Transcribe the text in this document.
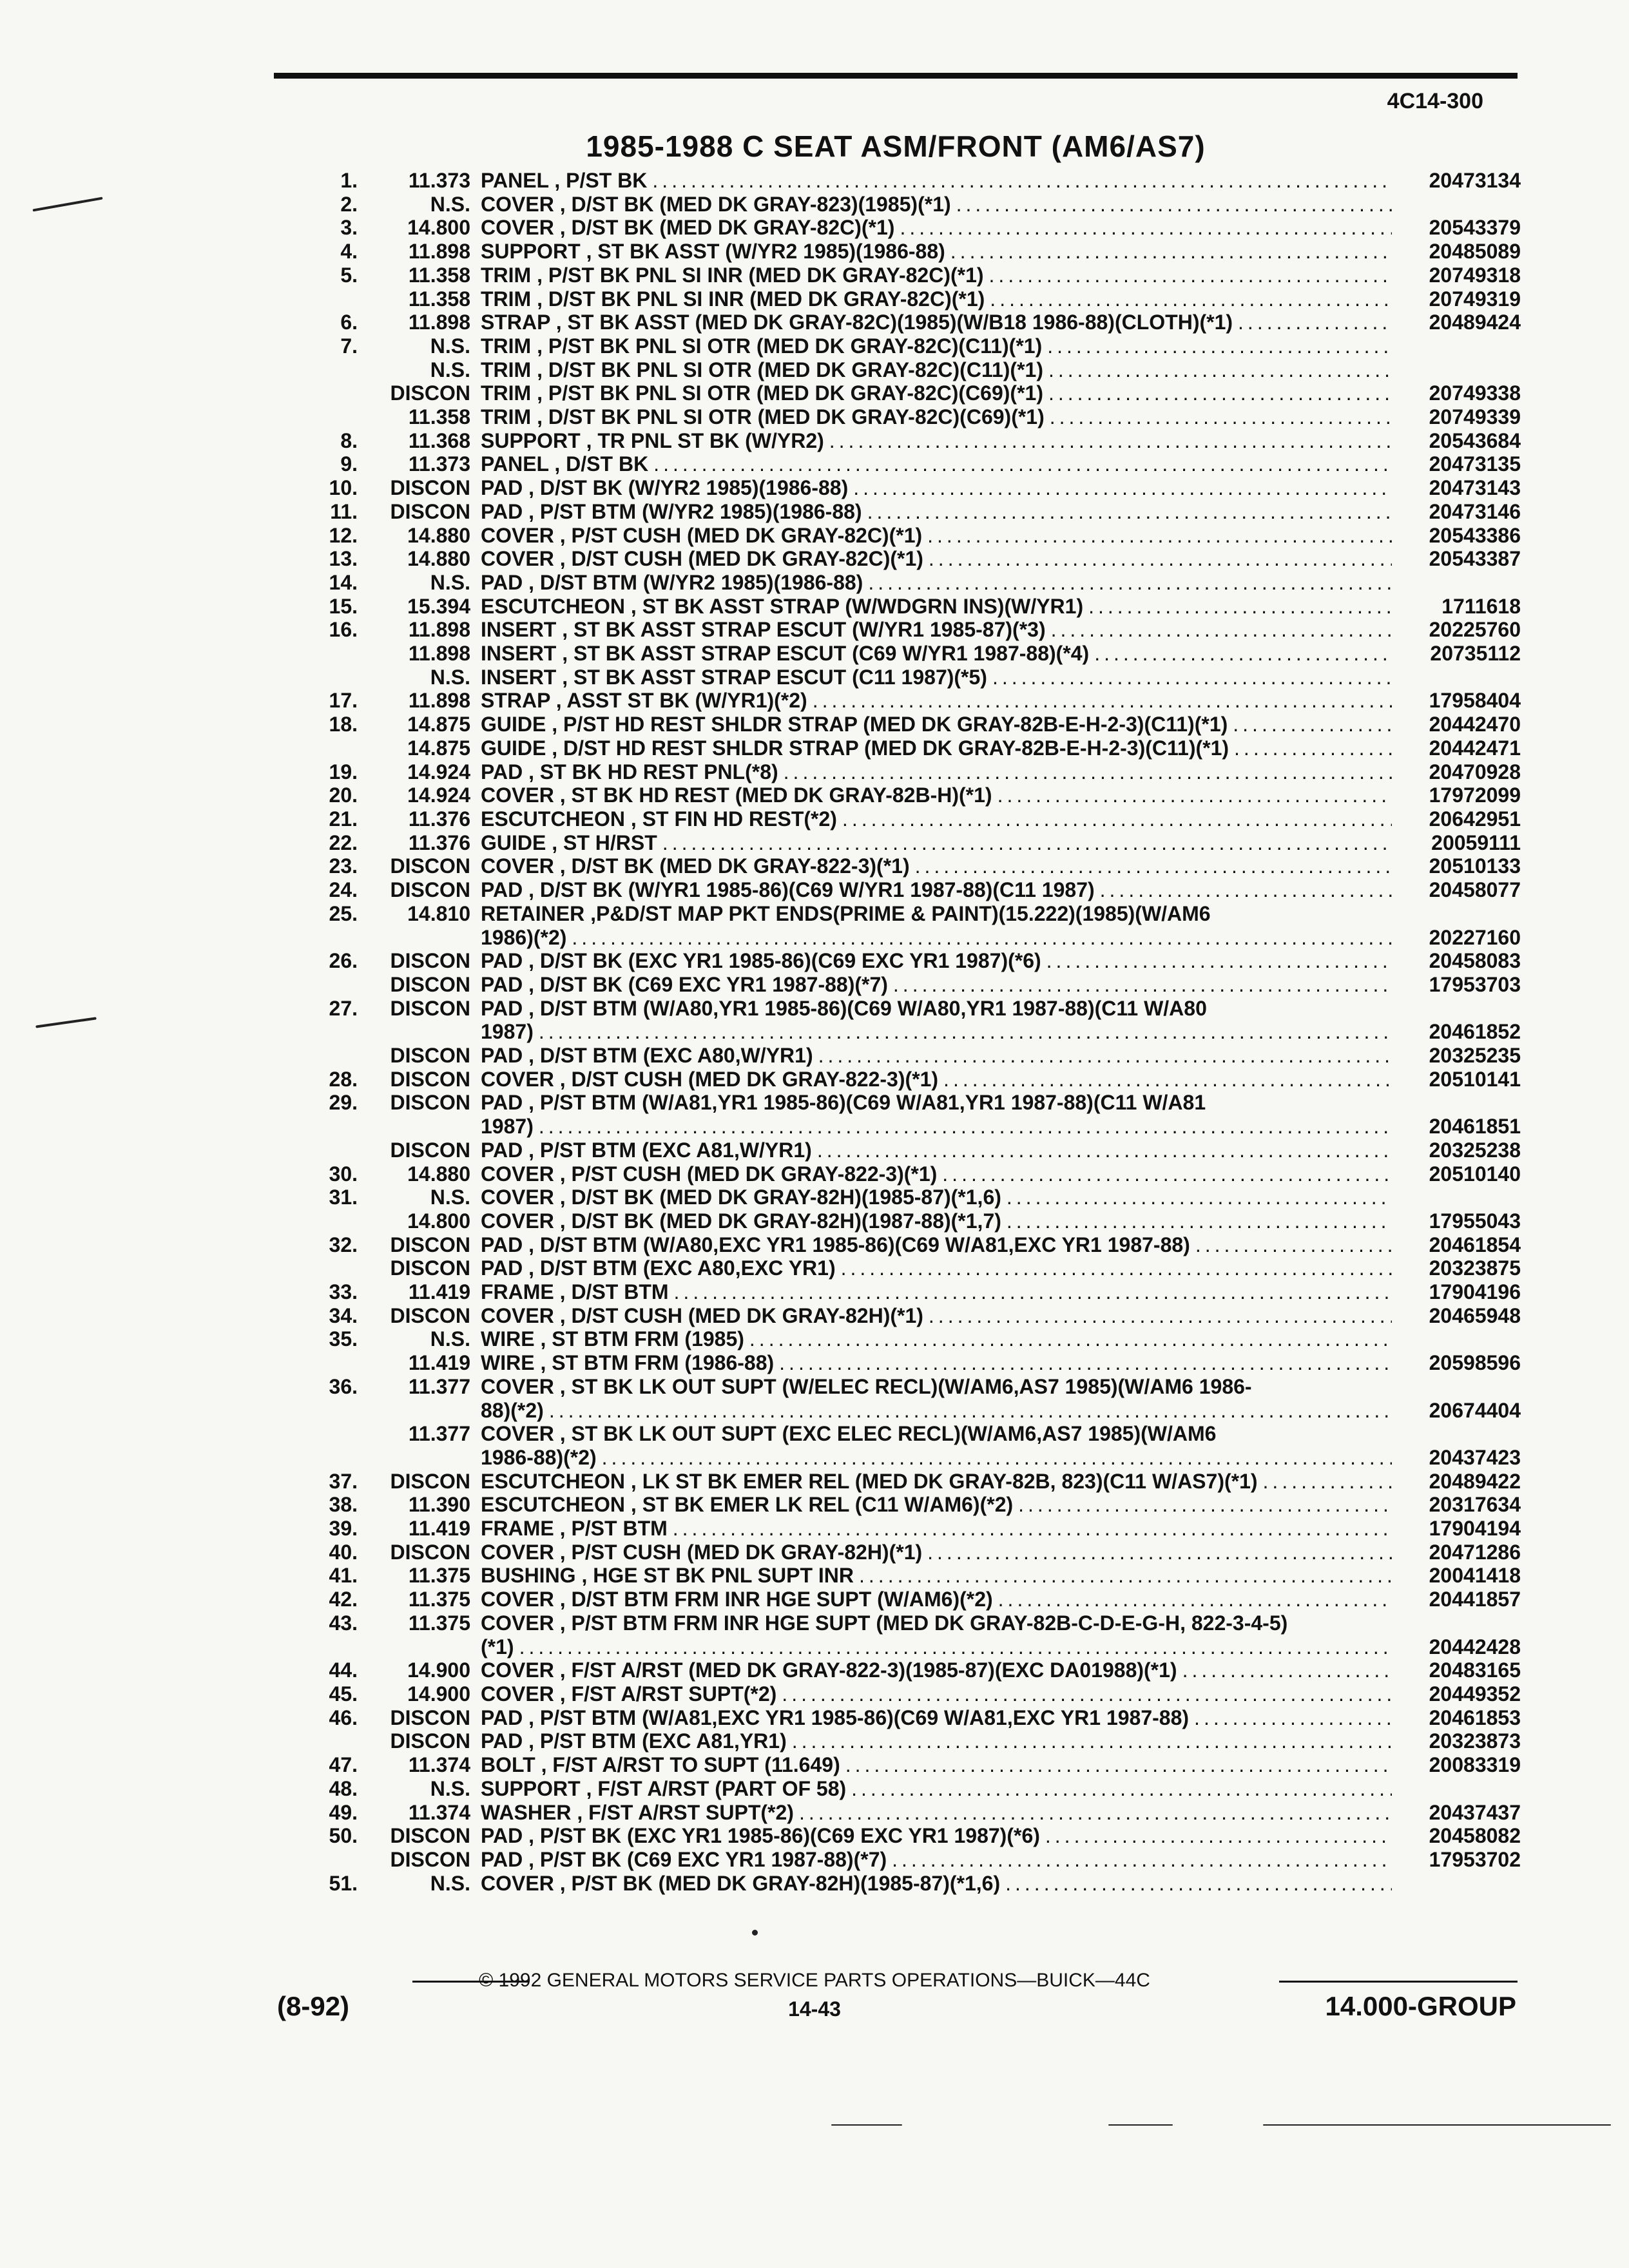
4C14-300
1985-1988 C SEAT ASM/FRONT (AM6/AS7)
1.	11.373 PANEL , P/ST BK .....	20473134
2.	N.S. COVER , D/ST BK (MED DK GRAY-823)(1985)(*1)
.....
3.	14.800 COVER , D/ST BK (MED DK GRAY-82C)(*1) .....	20543379
4.	11.898 SUPPORT , ST BK ASST (W/YR2 1985)(1986-88) .....	20485089
5.	11.358 TRIM , P/ST BK PNL SI INR (MED DK GRAY-82C)(*1) .....	20749318
11.358 TRIM , D/ST BK PNL SI INR (MED DK GRAY-82C)(*1) .....	20749319
6.	11.898 STRAP , ST BK ASST (MED DK GRAY-82C)(1985)(W/B18 1986-88)(CLOTH)(*1) .....	20489424
7.	N.S. TRIM , P/ST BK PNL SI OTR (MED DK GRAY-82C)(C11)(*1)
.....
N.S. TRIM , D/ST BK PNL SI OTR (MED DK GRAY-82C)(C11)(*1)
.....
DISCON TRIM , P/ST BK PNL SI OTR (MED DK GRAY-82C)(C69)(*1) .....	20749338
11.358 TRIM , D/ST BK PNL SI OTR (MED DK GRAY-82C)(C69)(*1) .....	20749339
8.	11.368 SUPPORT , TR PNL ST BK (W/YR2) .....	20543684
9.	11.373 PANEL , D/ST BK .....	20473135
10.	DISCON PAD , D/ST BK (W/YR2 1985)(1986-88) .....	20473143
11.	DISCON PAD , P/ST BTM (W/YR2 1985)(1986-88) .....	20473146
12.	14.880 COVER , P/ST CUSH (MED DK GRAY-82C)(*1) .....	20543386
13.	14.880 COVER , D/ST CUSH (MED DK GRAY-82C)(*1) .....	20543387
14.	N.S. PAD , D/ST BTM (W/YR2 1985)(1986-88)
.....
15.	15.394 ESCUTCHEON , ST BK ASST STRAP (W/WDGRN INS)(W/YR1) .....	1711618
16.	11.898 INSERT , ST BK ASST STRAP ESCUT (W/YR1 1985-87)(*3) .....	20225760
11.898 INSERT , ST BK ASST STRAP ESCUT (C69 W/YR1 1987-88)(*4) .....	20735112
N.S. INSERT , ST BK ASST STRAP ESCUT (C11 1987)(*5)
.....
17.	11.898 STRAP , ASST ST BK (W/YR1)(*2) .....	17958404
18.	14.875 GUIDE , P/ST HD REST SHLDR STRAP (MED DK GRAY-82B-E-H-2-3)(C11)(*1) .....	20442470
14.875 GUIDE , D/ST HD REST SHLDR STRAP (MED DK GRAY-82B-E-H-2-3)(C11)(*1) .....	20442471
19.	14.924 PAD , ST BK HD REST PNL(*8) .....	20470928
20.	14.924 COVER , ST BK HD REST (MED DK GRAY-82B-H)(*1) .....	17972099
21.	11.376 ESCUTCHEON , ST FIN HD REST(*2) .....	20642951
22.	11.376 GUIDE , ST H/RST .....	20059111
23.	DISCON COVER , D/ST BK (MED DK GRAY-822-3)(*1) .....	20510133
24.	DISCON PAD , D/ST BK (W/YR1 1985-86)(C69 W/YR1 1987-88)(C11 1987) .....	20458077
25.	14.810 RETAINER ,P&D/ST MAP PKT ENDS(PRIME & PAINT)(15.222)(1985)(W/AM6
1986)(*2) .....	20227160
26.	DISCON PAD , D/ST BK (EXC YR1 1985-86)(C69 EXC YR1 1987)(*6) .....	20458083
DISCON PAD , D/ST BK (C69 EXC YR1 1987-88)(*7) .....	17953703
27.	DISCON PAD , D/ST BTM (W/A80,YR1 1985-86)(C69 W/A80,YR1 1987-88)(C11 W/A80
1987) .....	20461852
DISCON PAD , D/ST BTM (EXC A80,W/YR1) .....	20325235
28.	DISCON COVER , D/ST CUSH (MED DK GRAY-822-3)(*1) .....	20510141
29.	DISCON PAD , P/ST BTM (W/A81,YR1 1985-86)(C69 W/A81,YR1 1987-88)(C11 W/A81
1987) .....	20461851
DISCON PAD , P/ST BTM (EXC A81,W/YR1) .....	20325238
30.	14.880 COVER , P/ST CUSH (MED DK GRAY-822-3)(*1) .....	20510140
31.	N.S. COVER , D/ST BK (MED DK GRAY-82H)(1985-87)(*1,6)
.....
14.800 COVER , D/ST BK (MED DK GRAY-82H)(1987-88)(*1,7) .....	17955043
32.	DISCON PAD , D/ST BTM (W/A80,EXC YR1 1985-86)(C69 W/A81,EXC YR1 1987-88) .....	20461854
DISCON PAD , D/ST BTM (EXC A80,EXC YR1) .....	20323875
33.	11.419 FRAME , D/ST BTM .....	17904196
34.	DISCON COVER , D/ST CUSH (MED DK GRAY-82H)(*1) .....	20465948
35.	N.S. WIRE , ST BTM FRM (1985)
.....
11.419 WIRE , ST BTM FRM (1986-88) .....	20598596
36.	11.377 COVER , ST BK LK OUT SUPT (W/ELEC RECL)(W/AM6,AS7 1985)(W/AM6 1986-
88)(*2) .....	20674404
11.377 COVER , ST BK LK OUT SUPT (EXC ELEC RECL)(W/AM6,AS7 1985)(W/AM6
1986-88)(*2) .....	20437423
37.	DISCON ESCUTCHEON , LK ST BK EMER REL (MED DK GRAY-82B, 823)(C11 W/AS7)(*1) .....	20489422
38.	11.390 ESCUTCHEON , ST BK EMER LK REL (C11 W/AM6)(*2) .....	20317634
39.	11.419 FRAME , P/ST BTM .....	17904194
40.	DISCON COVER , P/ST CUSH (MED DK GRAY-82H)(*1) .....	20471286
41.	11.375 BUSHING , HGE ST BK PNL SUPT INR .....	20041418
42.	11.375 COVER , D/ST BTM FRM INR HGE SUPT (W/AM6)(*2) .....	20441857
43.	11.375 COVER , P/ST BTM FRM INR HGE SUPT (MED DK GRAY-82B-C-D-E-G-H, 822-3-4-5)
(*1) .....	20442428
44.	14.900 COVER , F/ST A/RST (MED DK GRAY-822-3)(1985-87)(EXC DA01988)(*1) .....	20483165
45.	14.900 COVER , F/ST A/RST SUPT(*2) .....	20449352
46.	DISCON PAD , P/ST BTM (W/A81,EXC YR1 1985-86)(C69 W/A81,EXC YR1 1987-88) .....	20461853
DISCON PAD , P/ST BTM (EXC A81,YR1) .....	20323873
47.	11.374 BOLT , F/ST A/RST TO SUPT (11.649) .....	20083319
48.	N.S. SUPPORT , F/ST A/RST (PART OF 58)
.....
49.	11.374 WASHER , F/ST A/RST SUPT(*2) .....	20437437
50.	DISCON PAD , P/ST BK (EXC YR1 1985-86)(C69 EXC YR1 1987)(*6) .....	20458082
DISCON PAD , P/ST BK (C69 EXC YR1 1987-88)(*7) .....	17953702
51.	N.S. COVER , P/ST BK (MED DK GRAY-82H)(1985-87)(*1,6)
.....
© 1992 GENERAL MOTORS SERVICE PARTS OPERATIONS—BUICK—44C
(8-92)	14-43	14.000-GROUP
